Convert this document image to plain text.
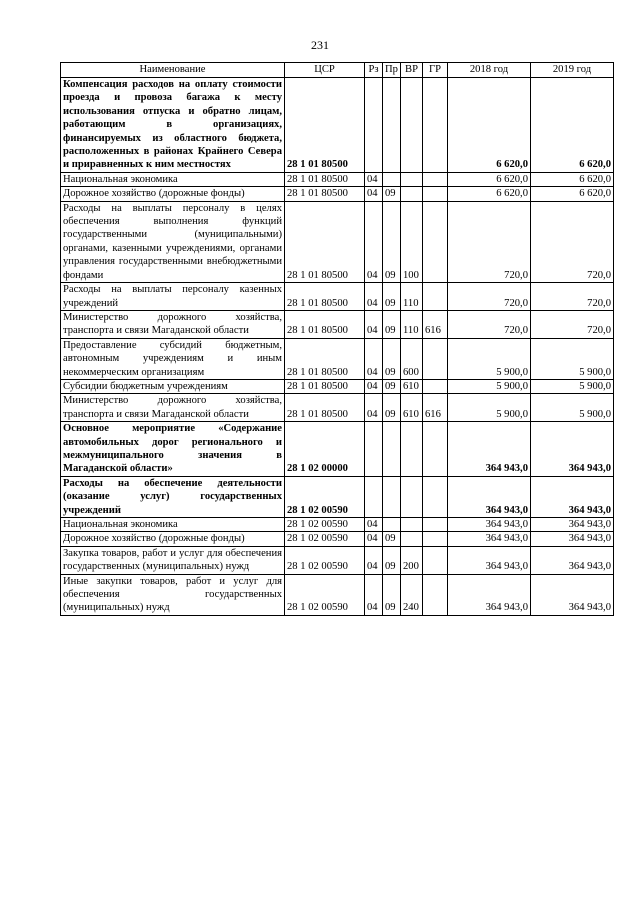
231
Наименование	ЦСР	Рз	Пр	ВР	ГР	2018 год	2019 год
Компенсация расходов на оплату стоимости проезда и провоза багажа к месту использования отпуска и обратно лицам, работающим в организациях, финансируемых из областного бюджета, расположенных в районах Крайнего Севера и приравненных к ним местностях	28 1 01 80500					6 620,0	6 620,0
Национальная экономика	28 1 01 80500	04				6 620,0	6 620,0
Дорожное хозяйство (дорожные фонды)	28 1 01 80500	04	09			6 620,0	6 620,0
Расходы на выплаты персоналу в целях обеспечения выполнения функций государственными (муниципальными) органами, казенными учреждениями, органами управления государственными внебюджетными фондами	28 1 01 80500	04	09	100		720,0	720,0
Расходы на выплаты персоналу казенных учреждений	28 1 01 80500	04	09	110		720,0	720,0
Министерство дорожного хозяйства, транспорта и связи Магаданской области	28 1 01 80500	04	09	110	616	720,0	720,0
Предоставление субсидий бюджетным, автономным учреждениям и иным некоммерческим организациям	28 1 01 80500	04	09	600		5 900,0	5 900,0
Субсидии бюджетным учреждениям	28 1 01 80500	04	09	610		5 900,0	5 900,0
Министерство дорожного хозяйства, транспорта и связи Магаданской области	28 1 01 80500	04	09	610	616	5 900,0	5 900,0
Основное мероприятие «Содержание автомобильных дорог регионального и межмуниципального значения в Магаданской области»	28 1 02 00000					364 943,0	364 943,0
Расходы на обеспечение деятельности (оказание услуг) государственных учреждений	28 1 02 00590					364 943,0	364 943,0
Национальная экономика	28 1 02 00590	04				364 943,0	364 943,0
Дорожное хозяйство (дорожные фонды)	28 1 02 00590	04	09			364 943,0	364 943,0
Закупка товаров, работ и услуг для обеспечения государственных (муниципальных) нужд	28 1 02 00590	04	09	200		364 943,0	364 943,0
Иные закупки товаров, работ и услуг для обеспечения государственных (муниципальных) нужд	28 1 02 00590	04	09	240		364 943,0	364 943,0
